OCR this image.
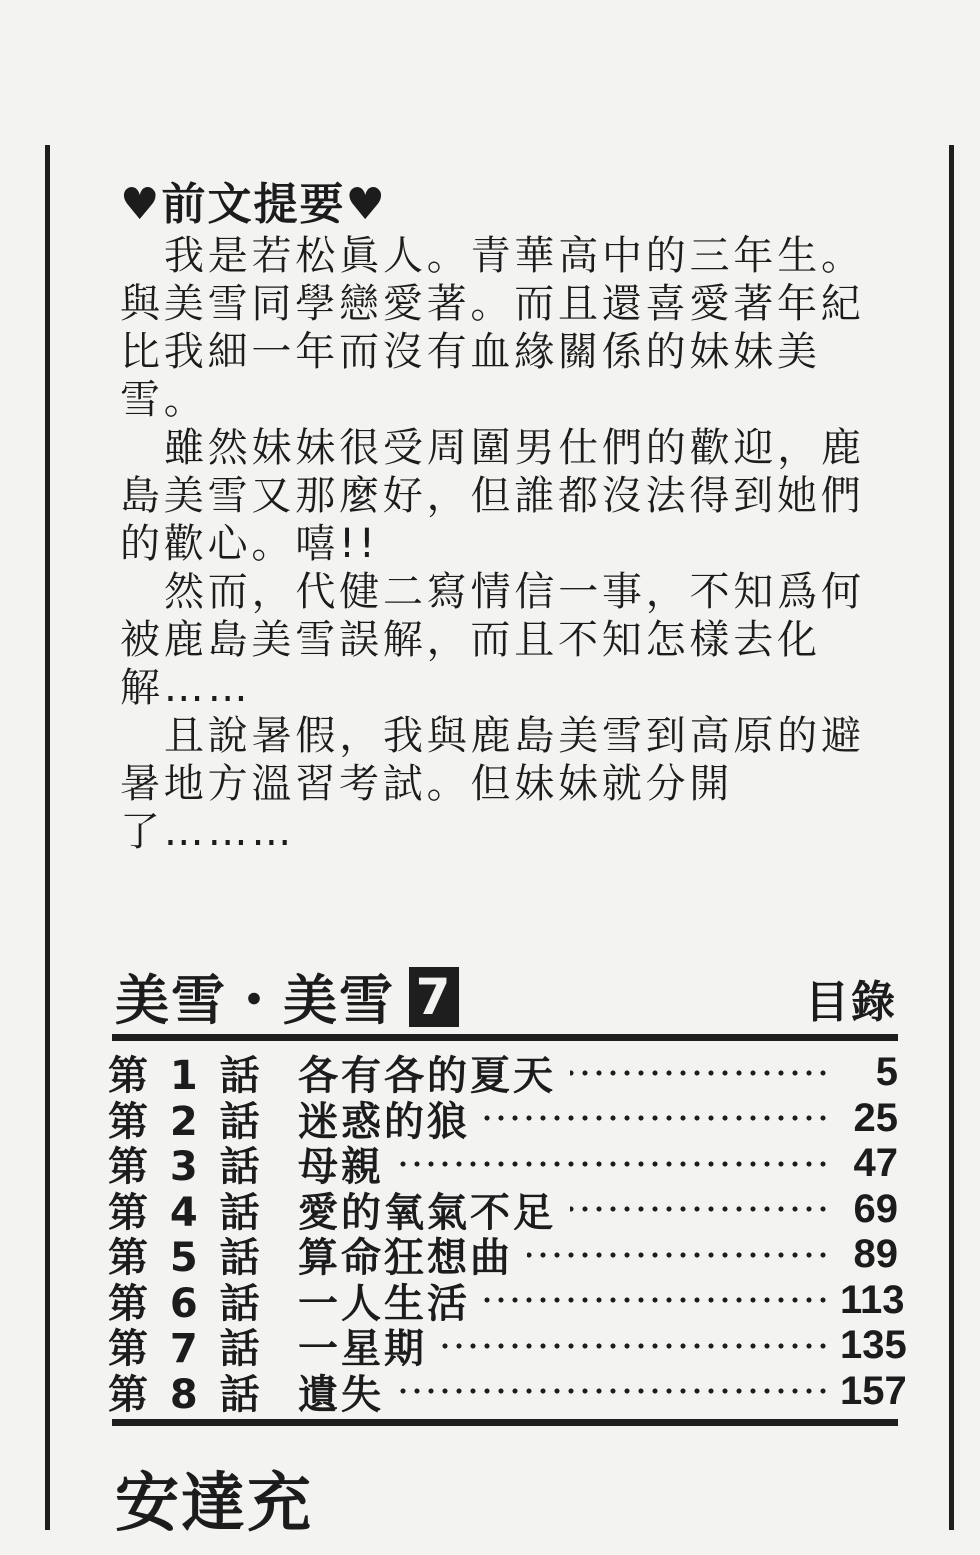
♥前文提要♥

我是若松眞人。青華高中的三年生。與美雪同學戀愛著。而且還喜愛著年紀比我細一年而沒有血緣關係的妹妹美雪。

雖然妹妹很受周圍男仕們的歡迎，鹿島美雪又那麼好，但誰都沒法得到她們的歡心。嘻!!

然而，代健二寫情信一事，不知爲何被鹿島美雪誤解，而且不知怎樣去化解……

且說暑假，我與鹿島美雪到高原的避暑地方溫習考試。但妹妹就分開了………

美雪・美雪 7	目錄
第 1 話 各有各的夏天	5
第 2 話 迷惑的狼	25
第 3 話 母親	47
第 4 話 愛的氧氣不足	69
第 5 話 算命狂想曲	89
第 6 話 一人生活	113
第 7 話 一星期	135
第 8 話 遺失	157
安達充
